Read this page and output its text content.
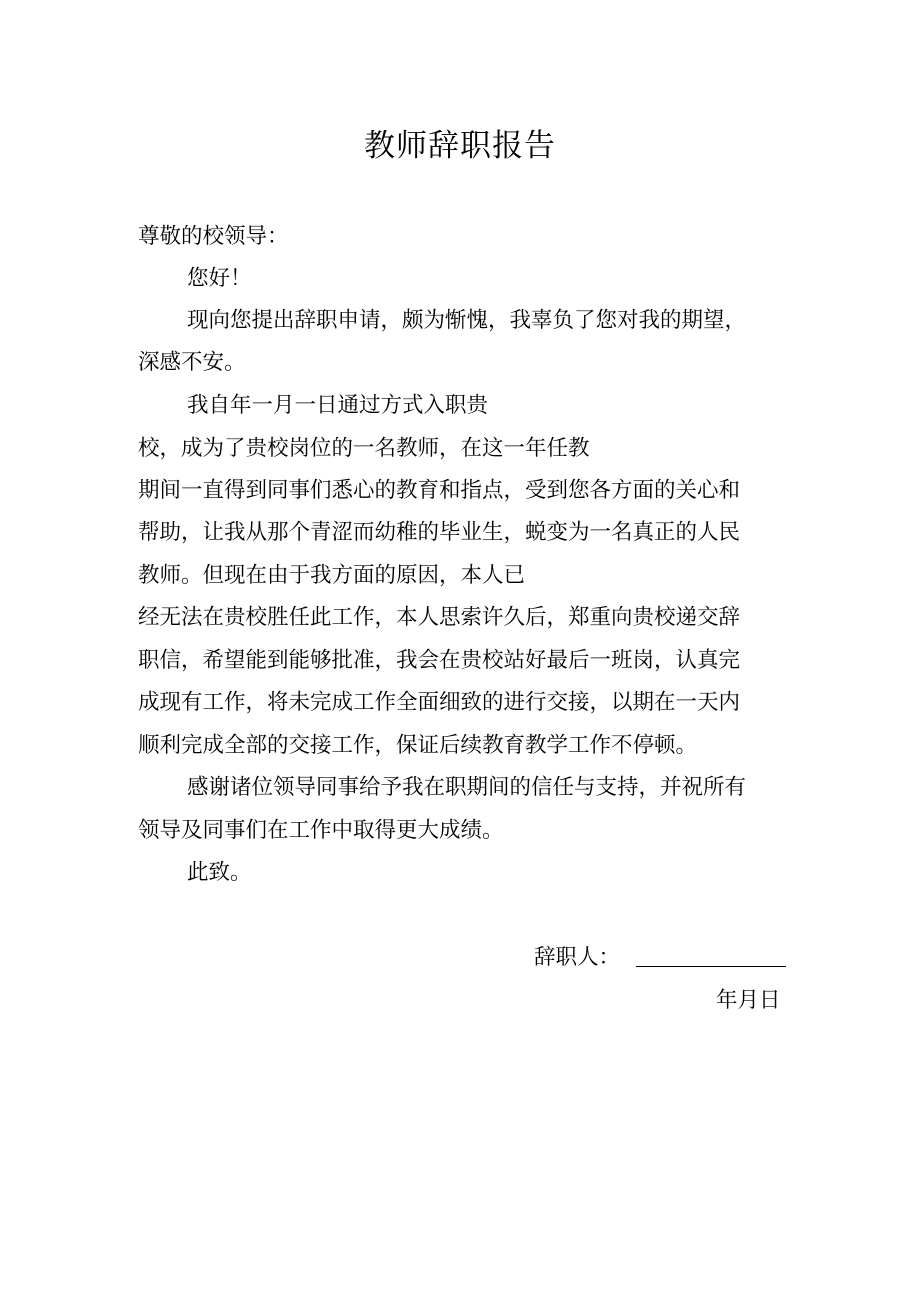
教师辞职报告

尊敬的校领导：

您好！

现向您提出辞职申请，颇为惭愧，我辜负了您对我的期望，

深感不安。

我自年一月一日通过方式入职贵

校，成为了贵校岗位的一名教师，在这一年任教

期间一直得到同事们悉心的教育和指点，受到您各方面的关心和

帮助，让我从那个青涩而幼稚的毕业生，蜕变为一名真正的人民

教师。但现在由于我方面的原因，本人已

经无法在贵校胜任此工作，本人思索许久后，郑重向贵校递交辞

职信，希望能到能够批准，我会在贵校站好最后一班岗，认真完

成现有工作，将未完成工作全面细致的进行交接，以期在一天内

顺利完成全部的交接工作，保证后续教育教学工作不停顿。

感谢诸位领导同事给予我在职期间的信任与支持，并祝所有

领导及同事们在工作中取得更大成绩。

此致。

辞职人：
年月日
